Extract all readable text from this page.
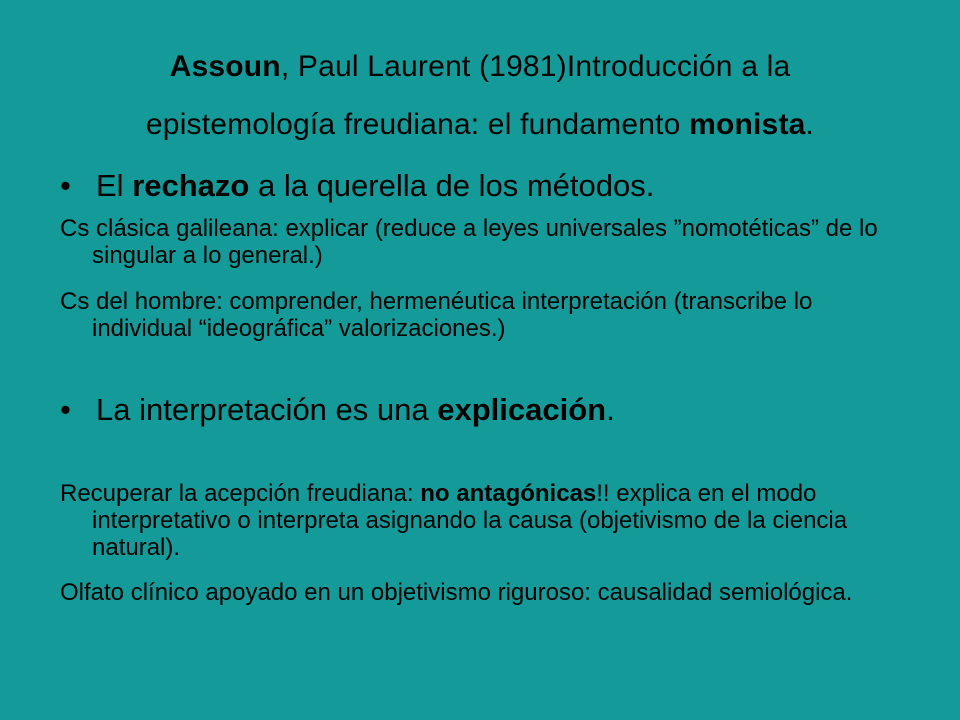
Assoun, Paul Laurent (1981)Introducción a la
epistemología freudiana: el fundamento monista.
• El rechazo a la querella de los métodos.
Cs clásica galileana: explicar (reduce a leyes universales ”nomotéticas” de lo singular a lo general.)
Cs del hombre: comprender, hermenéutica interpretación (transcribe lo individual “ideográfica” valorizaciones.)
• La interpretación es una explicación.
Recuperar la acepción freudiana: no antagónicas!! explica en el modo interpretativo o interpreta asignando la causa (objetivismo de la ciencia natural).
Olfato clínico apoyado en un objetivismo riguroso: causalidad semiológica.
